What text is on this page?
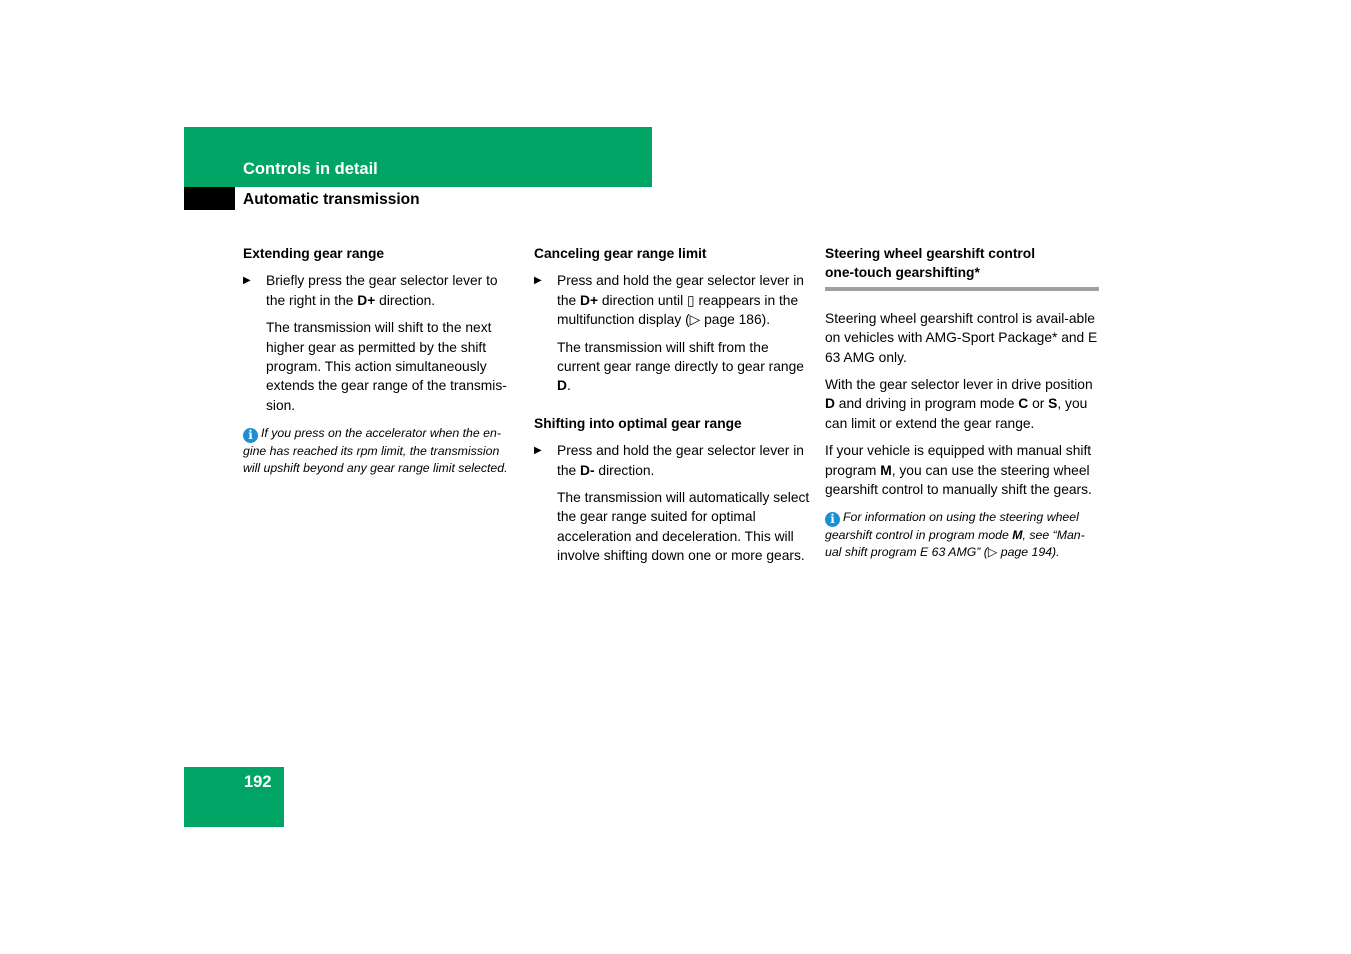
Controls in detail
Automatic transmission
Extending gear range
▶ Briefly press the gear selector lever to the right in the D+ direction.

The transmission will shift to the next higher gear as permitted by the shift program. This action simultaneously extends the gear range of the transmis-sion.

i If you press on the accelerator when the en-gine has reached its rpm limit, the transmission will upshift beyond any gear range limit selected.
Canceling gear range limit
▶ Press and hold the gear selector lever in the D+ direction until ▯ reappears in the multifunction display (▷ page 186).

The transmission will shift from the current gear range directly to gear range D.

Shifting into optimal gear range
▶ Press and hold the gear selector lever in the D- direction.

The transmission will automatically select the gear range suited for optimal acceleration and deceleration. This will involve shifting down one or more gears.

Steering wheel gearshift control
one-touch gearshifting*

Steering wheel gearshift control is avail-able on vehicles with AMG-Sport Package* and E 63 AMG only.

With the gear selector lever in drive position D and driving in program mode C or S, you can limit or extend the gear range.

If your vehicle is equipped with manual shift program M, you can use the steering wheel gearshift control to manually shift the gears.

i For information on using the steering wheel gearshift control in program mode M, see “Man-ual shift program E 63 AMG” (▷ page 194).
192
